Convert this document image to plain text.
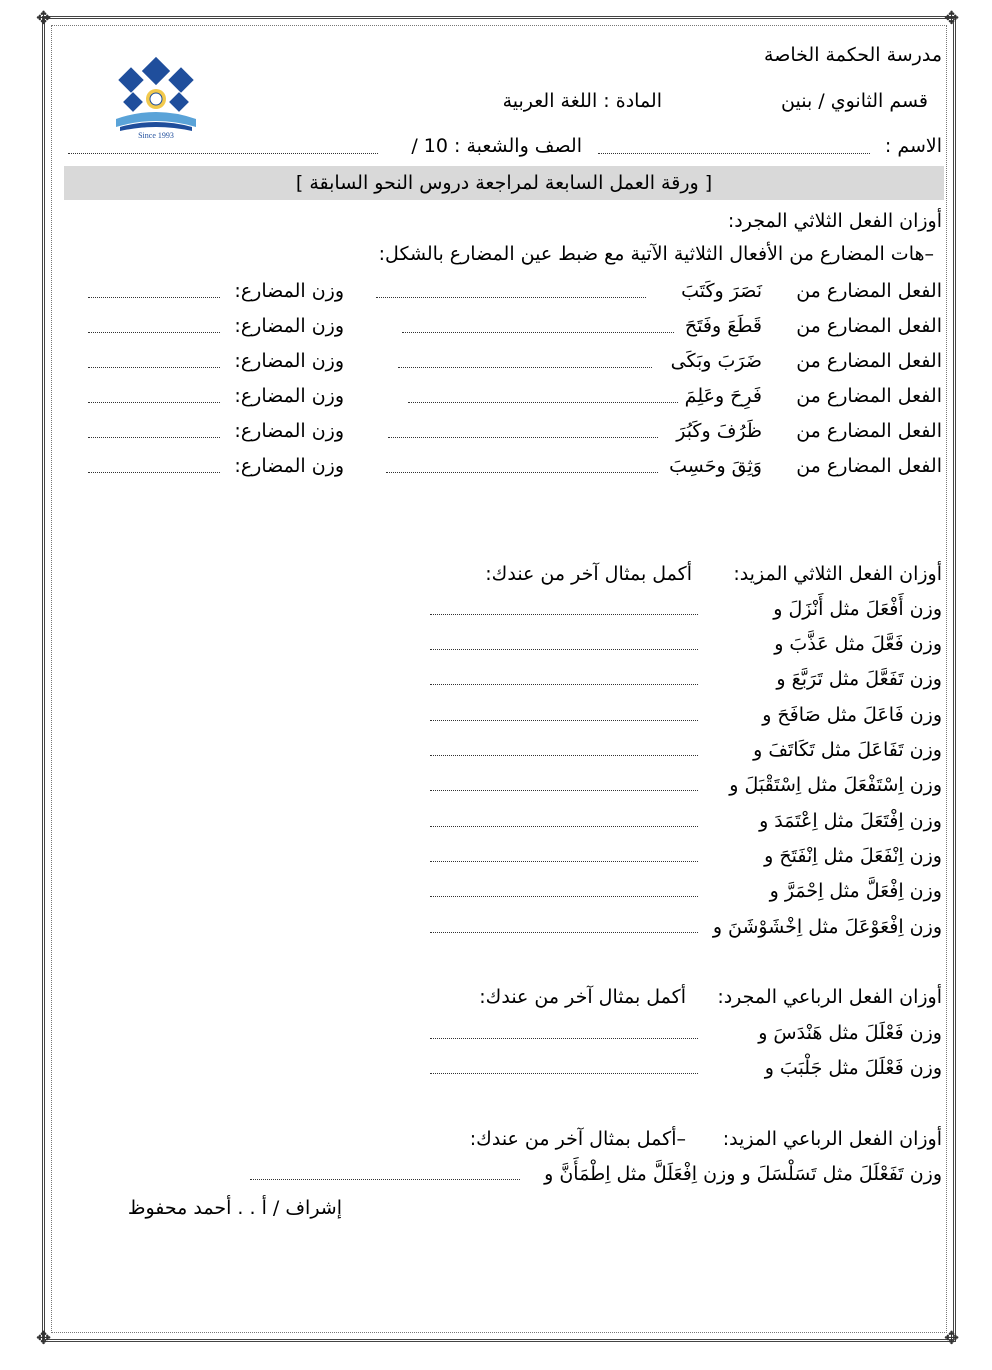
✥	✥
✥	✥
Since 1993
مدرسة الحكمة الخاصة
قسم الثانوي / بنين
المادة : اللغة العربية
الاسم :
الصف والشعبة : 10 /
[ ورقة العمل السابعة لمراجعة دروس النحو السابقة ]
أوزان الفعل الثلاثي المجرد:
–هات المضارع من الأفعال الثلاثية الآتية مع ضبط عين المضارع بالشكل:
الفعل المضارع من
نَصَرَ وكَتَبَ
وزن المضارع:
الفعل المضارع من
قَطَعَ وفَتَحَ
وزن المضارع:
الفعل المضارع من
ضَرَبَ وبَكَى
وزن المضارع:
الفعل المضارع من
فَرِحَ وعَلِمَ
وزن المضارع:
الفعل المضارع من
ظَرُفَ وكَبُرَ
وزن المضارع:
الفعل المضارع من
وَثِقَ وحَسِبَ
وزن المضارع:
أوزان الفعل الثلاثي المزيد:
أكمل بمثال آخر من عندك:
وزن أَفْعَلَ مثل أَنْزَلَ و
وزن فَعَّلَ مثل عَذَّبَ و
وزن تَفَعَّلَ مثل تَرَبَّعَ و
وزن فَاعَلَ مثل صَافَحَ و
وزن تَفَاعَلَ مثل تَكَاتَفَ و
وزن اِسْتَفْعَلَ مثل اِسْتَقْبَلَ و
وزن اِفْتَعَلَ مثل اِعْتَمَدَ و
وزن اِنْفَعَلَ مثل اِنْفَتَحَ و
وزن اِفْعَلَّ مثل اِحْمَرَّ و
وزن اِفْعَوْعَلَ مثل اِخْشَوْشَنَ و
أوزان الفعل الرباعي المجرد:
أكمل بمثال آخر من عندك:
وزن فَعْلَلَ مثل هَنْدَسَ و
وزن فَعْلَلَ مثل جَلْبَبَ و
أوزان الفعل الرباعي المزيد:
–أكمل بمثال آخر من عندك:
وزن تَفَعْلَلَ مثل تَسَلْسَلَ و وزن اِفْعَلَلَّ مثل اِطْمَأَنَّ و
إشراف / أ . . أحمد محفوظ
